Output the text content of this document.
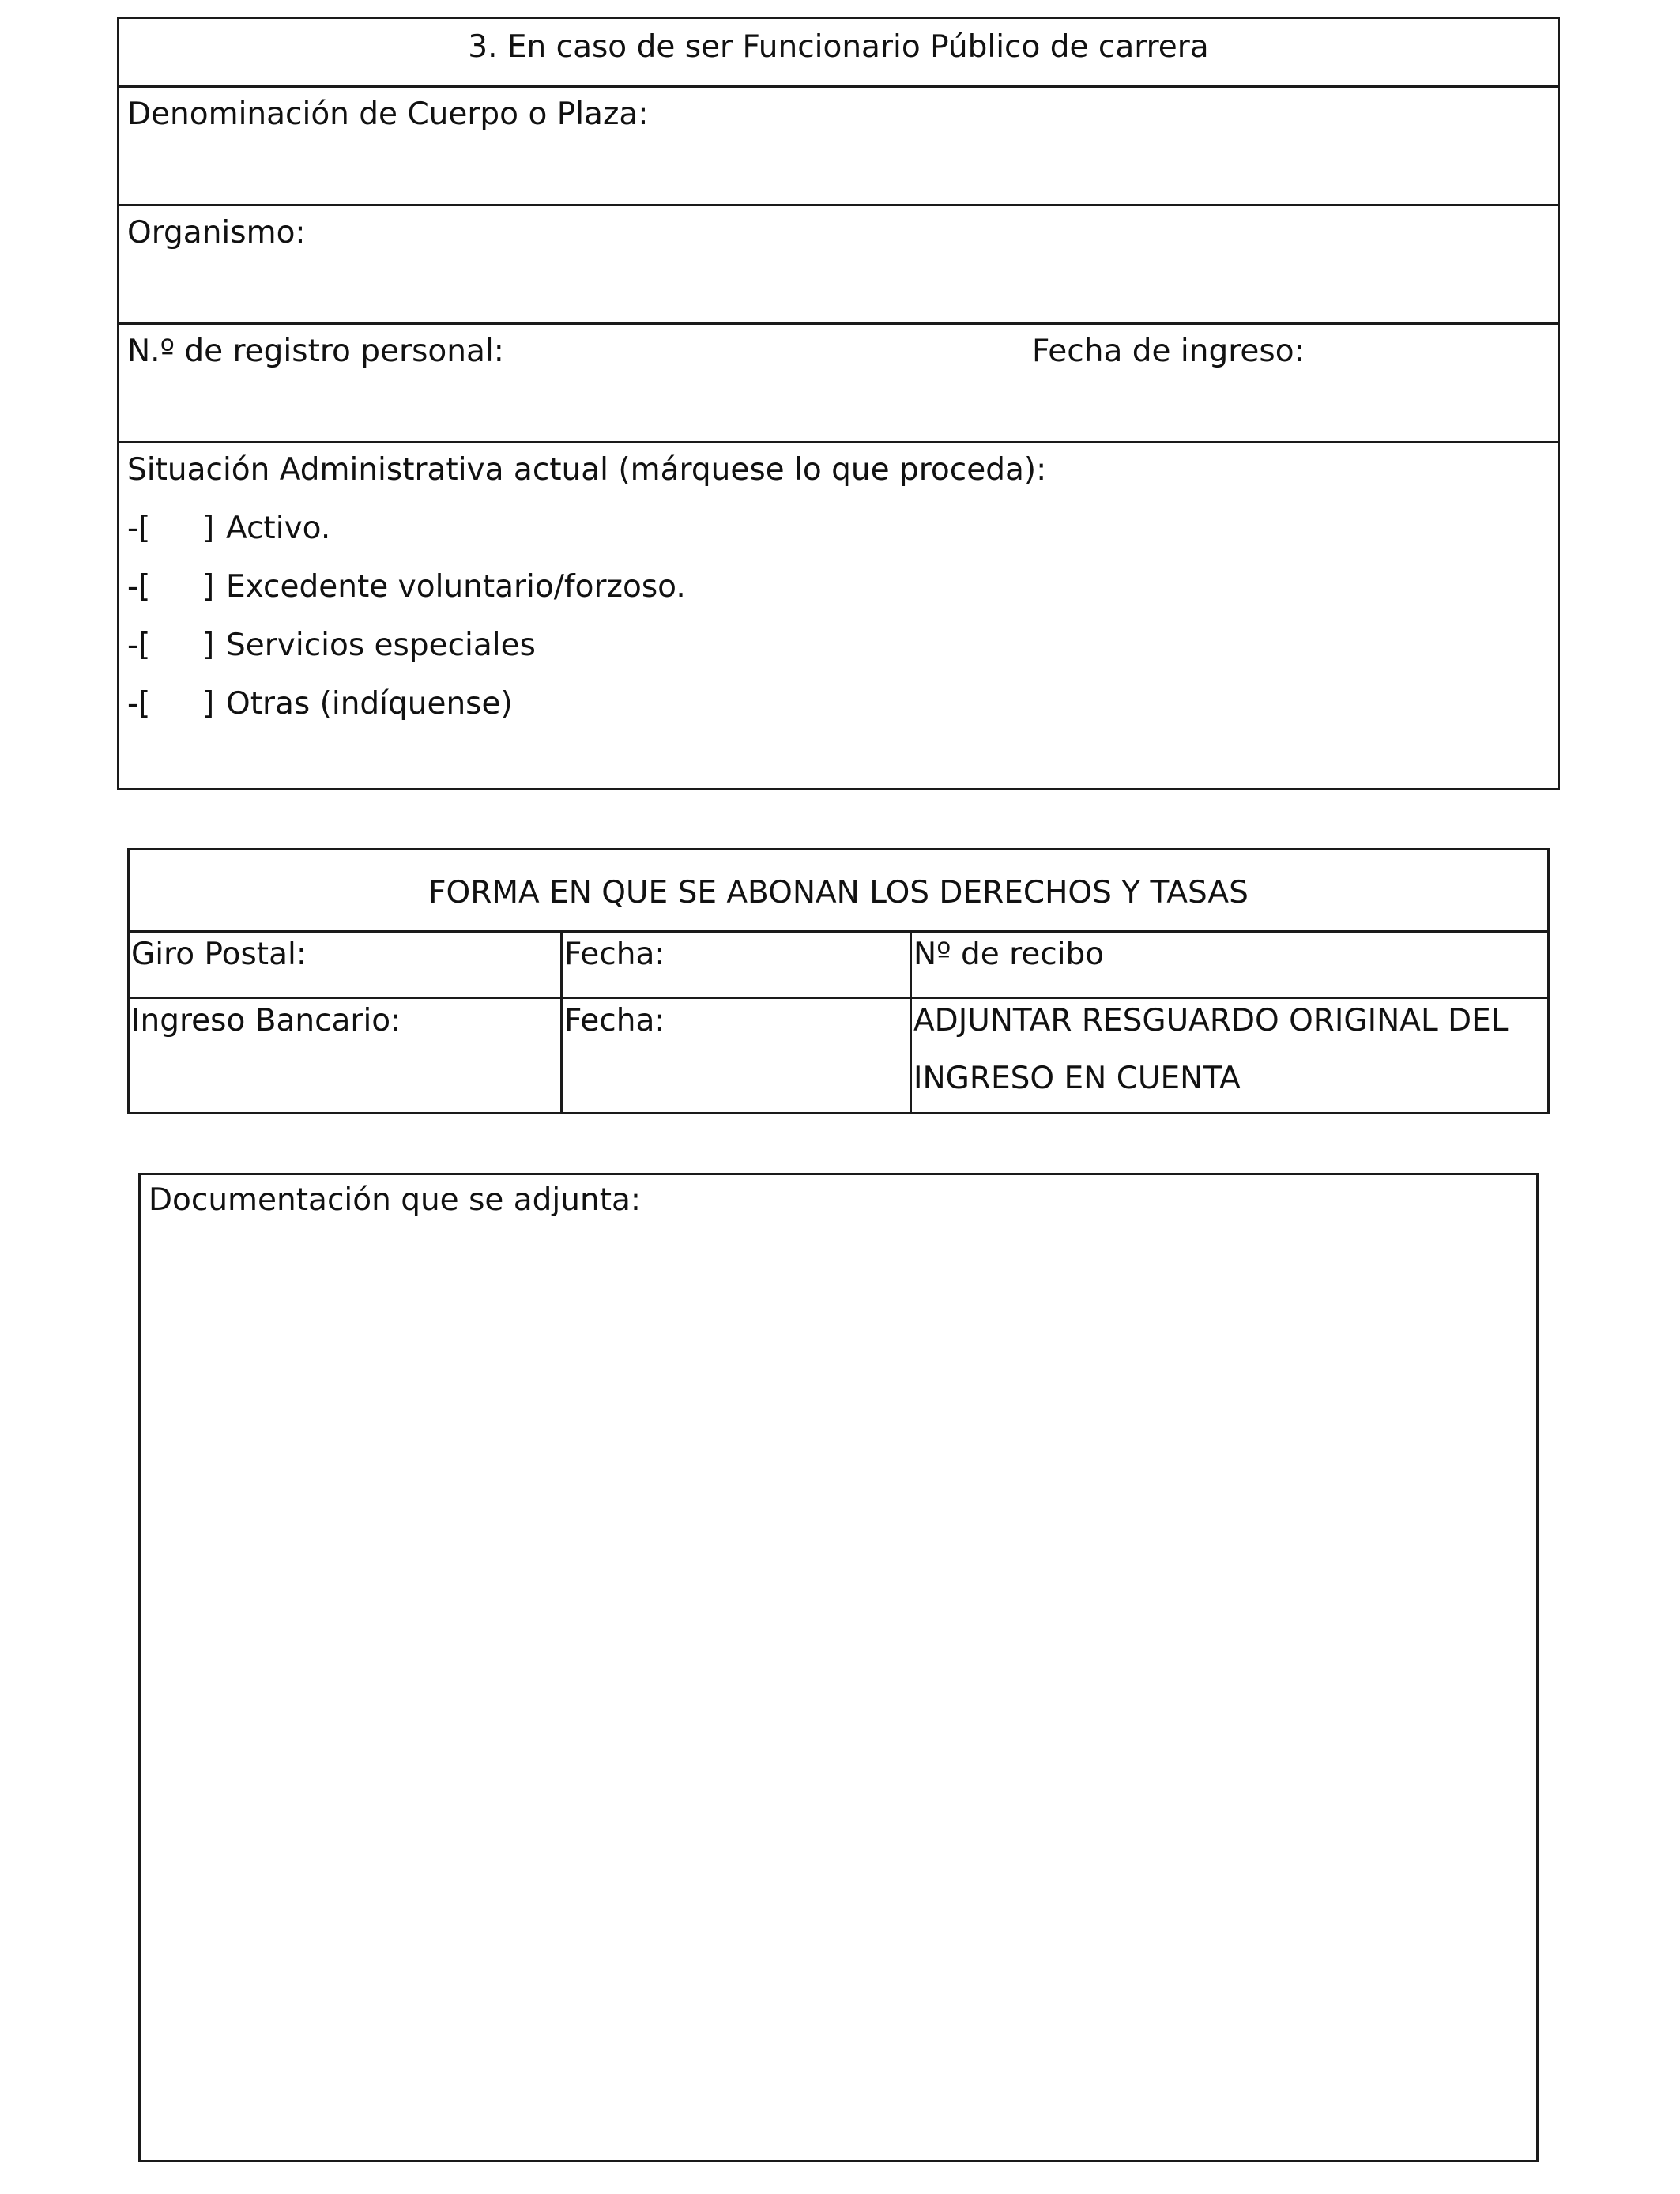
3. En caso de ser Funcionario Público de carrera
Denominación de Cuerpo o Plaza:
Organismo:
N.º de registro personal:	Fecha de ingreso:
Situación Administrativa actual (márquese lo que proceda):
-[ ] Activo.
-[ ] Excedente voluntario/forzoso.
-[ ] Servicios especiales
-[ ] Otras (indíquense)
FORMA EN QUE SE ABONAN LOS DERECHOS Y TASAS
Giro Postal:	Fecha:	Nº de recibo
Ingreso Bancario:	Fecha:	ADJUNTAR RESGUARDO ORIGINAL DEL
INGRESO EN CUENTA
Documentación que se adjunta:
